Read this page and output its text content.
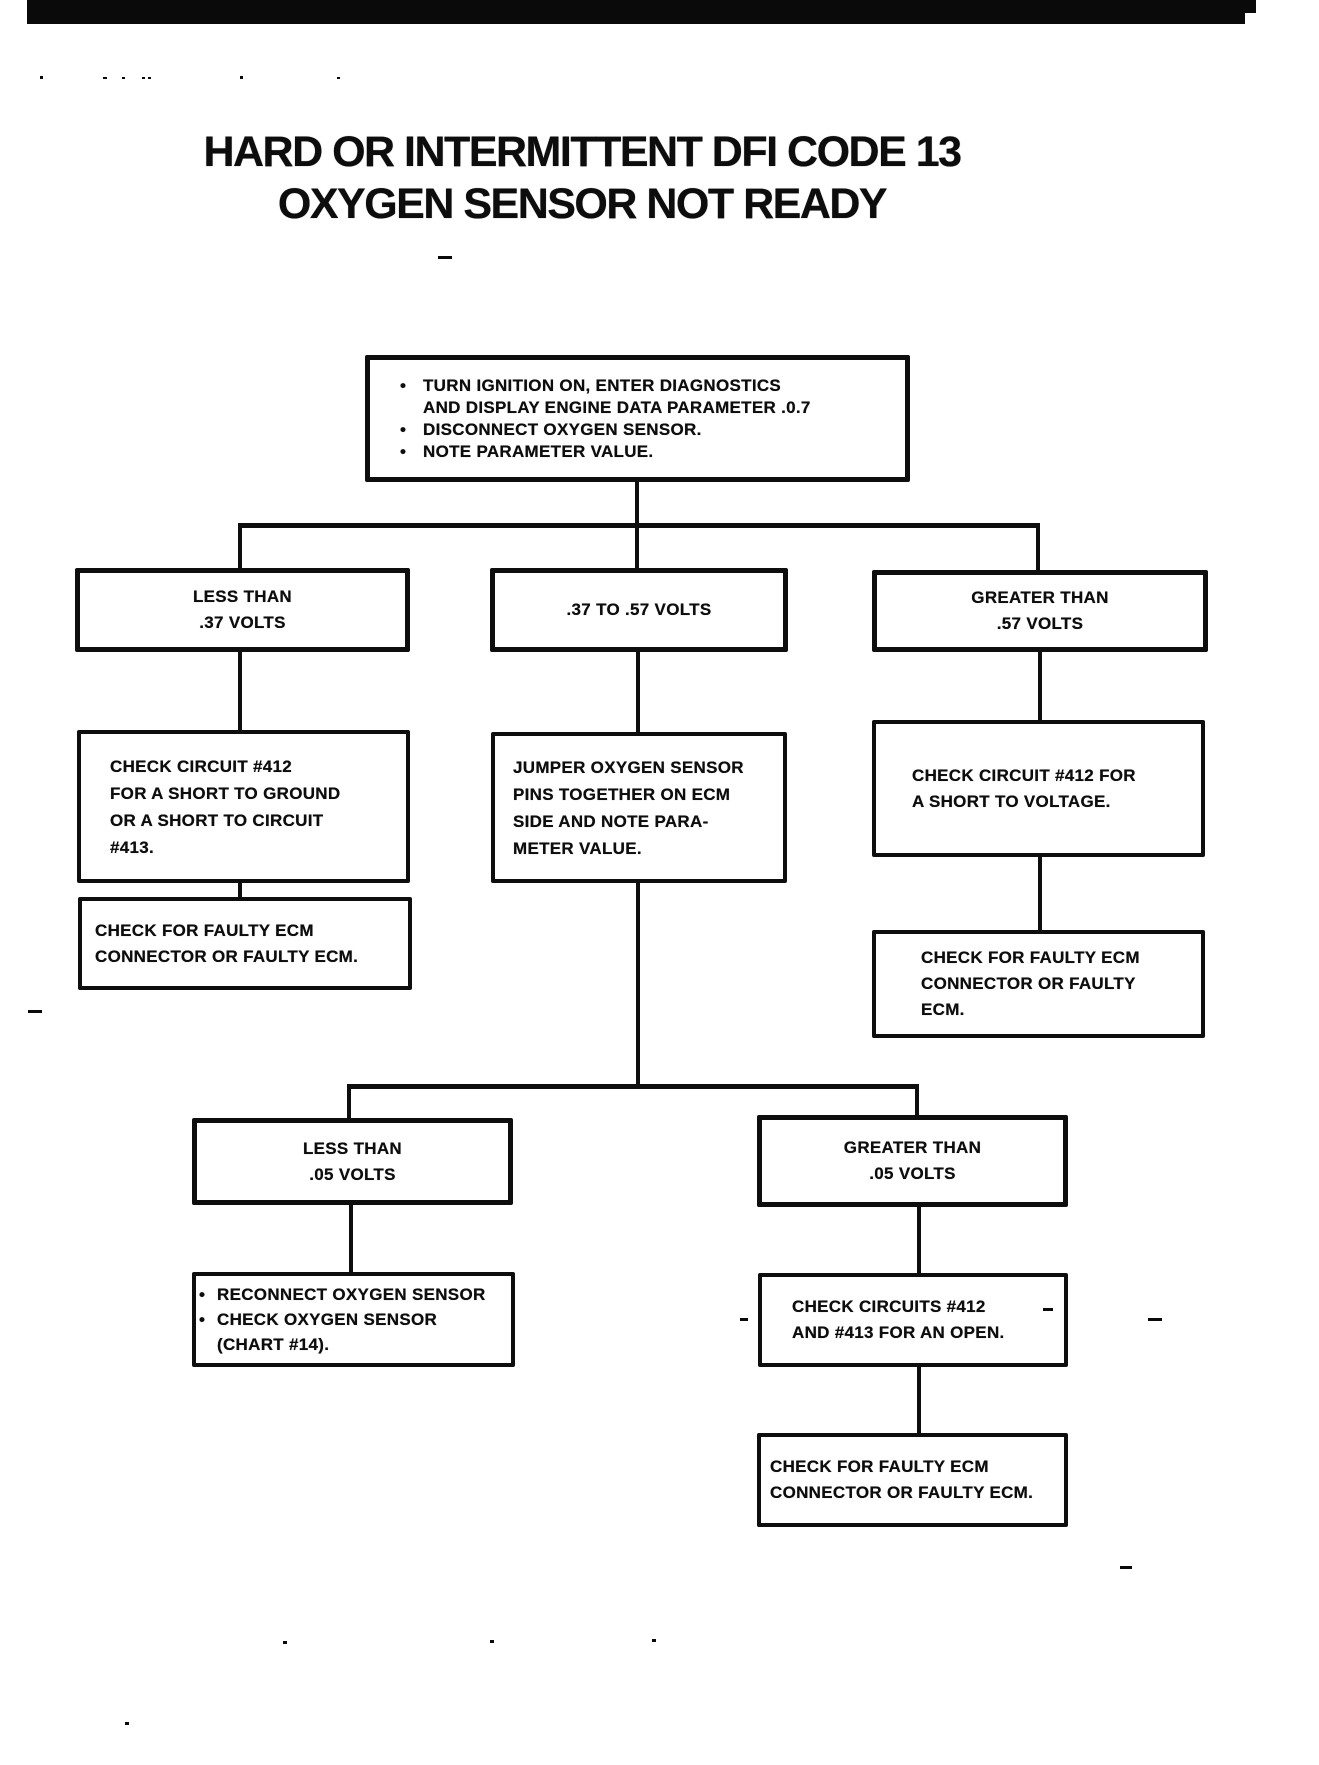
HARD OR INTERMITTENT DFI CODE 13
OXYGEN SENSOR NOT READY
• TURN IGNITION ON, ENTER DIAGNOSTICS
AND DISPLAY ENGINE DATA PARAMETER .0.7
• DISCONNECT OXYGEN SENSOR.
• NOTE PARAMETER VALUE.
LESS THAN
.37 VOLTS
.37 TO .57 VOLTS
GREATER THAN
.57 VOLTS
CHECK CIRCUIT #412
FOR A SHORT TO GROUND
OR A SHORT TO CIRCUIT
#413.
JUMPER OXYGEN SENSOR
PINS TOGETHER ON ECM
SIDE AND NOTE PARA-
METER VALUE.
CHECK CIRCUIT #412 FOR
A SHORT TO VOLTAGE.
CHECK FOR FAULTY ECM
CONNECTOR OR FAULTY ECM.	CHECK FOR FAULTY ECM
CONNECTOR OR FAULTY
ECM.
LESS THAN
.05 VOLTS
GREATER THAN
.05 VOLTS
• RECONNECT OXYGEN SENSOR
• CHECK OXYGEN SENSOR
(CHART #14).
CHECK CIRCUITS #412
AND #413 FOR AN OPEN.
CHECK FOR FAULTY ECM
CONNECTOR OR FAULTY ECM.
